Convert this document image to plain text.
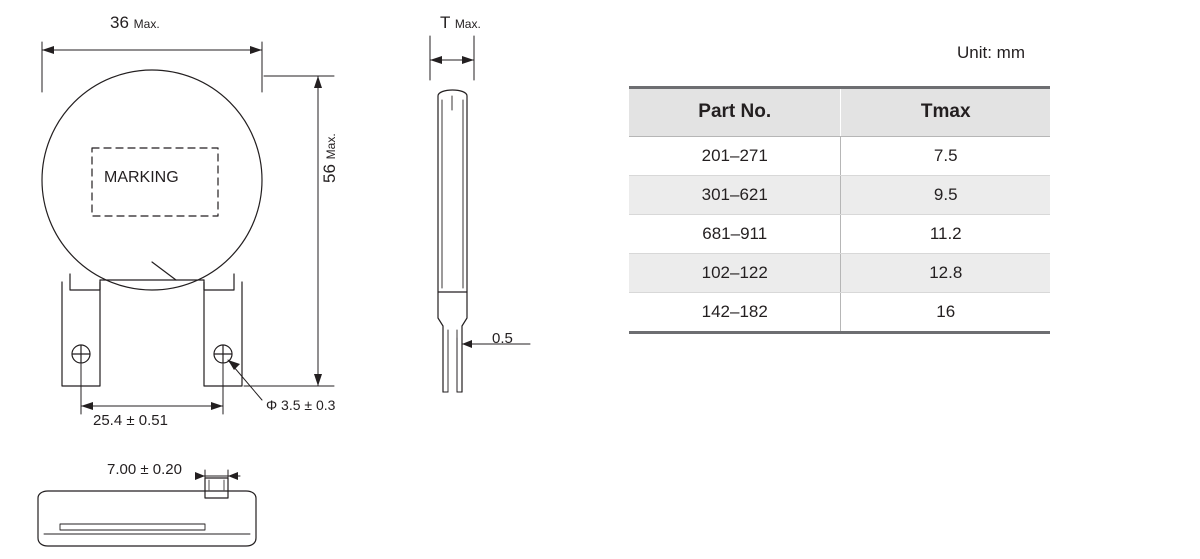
36 Max.
56 Max.
T Max.
MARKING
Φ 3.5 ± 0.3
25.4 ± 0.51
0.5
7.00 ± 0.20
Unit: mm
Part No.	Tmax
201–271	7.5
301–621	9.5
681–911	11.2
102–122	12.8
142–182	16
